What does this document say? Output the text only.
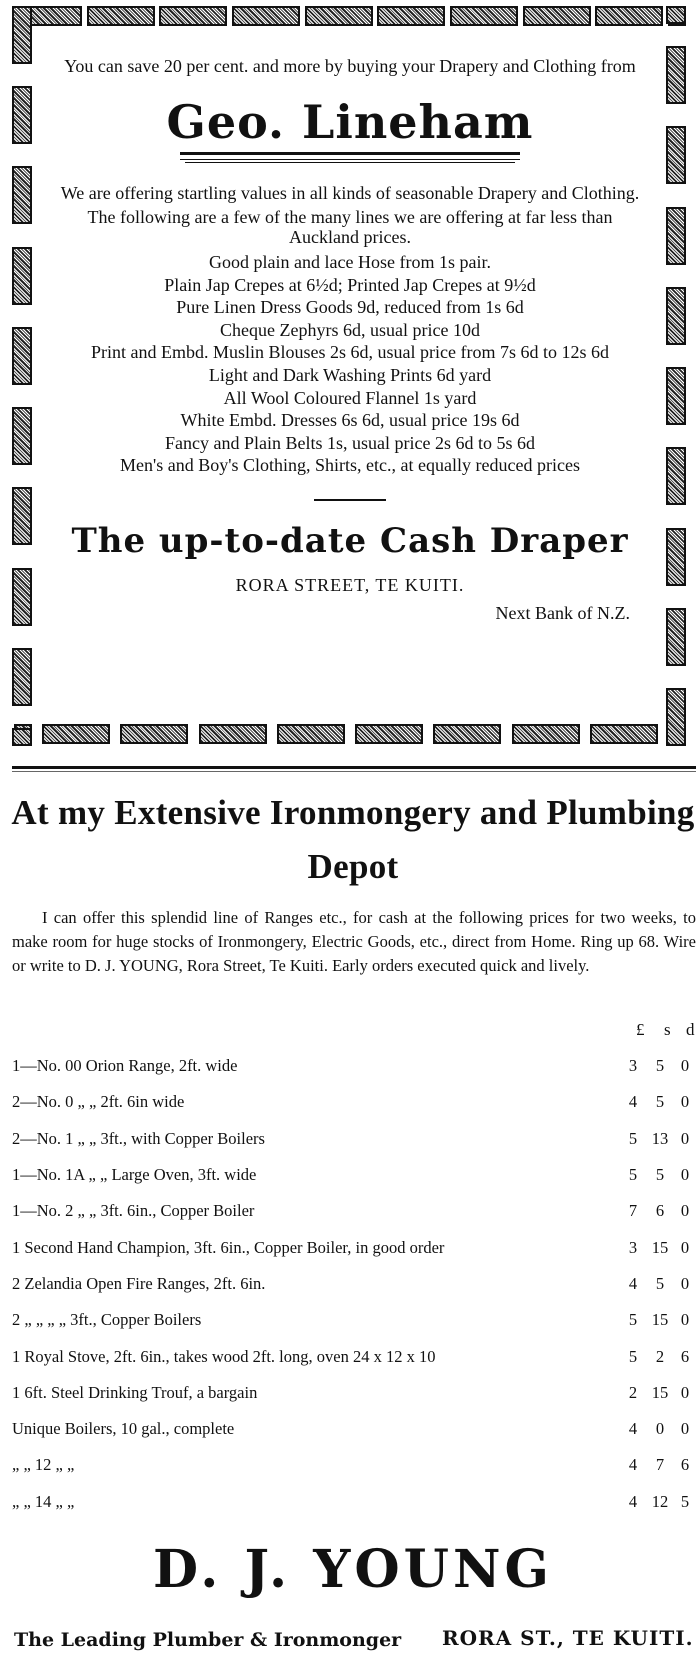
You can save 20 per cent. and more by buying your Drapery and Clothing from

Geo. Lineham

We are offering startling values in all kinds of seasonable Drapery and Clothing.

The following are a few of the many lines we are offering at far less than Auckland prices.

Good plain and lace Hose from 1s pair.
Plain Jap Crepes at 6½d; Printed Jap Crepes at 9½d
Pure Linen Dress Goods 9d, reduced from 1s 6d
Cheque Zephyrs 6d, usual price 10d
Print and Embd. Muslin Blouses 2s 6d, usual price from 7s 6d to 12s 6d
Light and Dark Washing Prints 6d yard
All Wool Coloured Flannel 1s yard
White Embd. Dresses 6s 6d, usual price 19s 6d
Fancy and Plain Belts 1s, usual price 2s 6d to 5s 6d
Men's and Boy's Clothing, Shirts, etc., at equally reduced prices
The up-to-date Cash Draper

RORA STREET, TE KUITI.

Next Bank of N.Z.

At my Extensive Ironmongery and Plumbing
Depot

I can offer this splendid line of Ranges etc., for cash at the following prices for two weeks, to make room for huge stocks of Ironmongery, Electric Goods, etc., direct from Home. Ring up 68. Wire or write to D. J. YOUNG, Rora Street, Te Kuiti. Early orders executed quick and lively.

£ s d
1—No. 00 Orion Range, 2ft. wide		3	5	0
2—No. 0 „ „ 2ft. 6in wide		4	5	0
2—No. 1 „ „ 3ft., with Copper Boilers		5	13	0
1—No. 1A „ „ Large Oven, 3ft. wide		5	5	0
1—No. 2 „ „ 3ft. 6in., Copper Boiler		7	6	0
1 Second Hand Champion, 3ft. 6in., Copper Boiler, in good order		3	15	0
2 Zelandia Open Fire Ranges, 2ft. 6in.		4	5	0
2 „ „ „ „ 3ft., Copper Boilers		5	15	0
1 Royal Stove, 2ft. 6in., takes wood 2ft. long, oven 24 x 12 x 10		5	2	6
1 6ft. Steel Drinking Trouf, a bargain		2	15	0
Unique Boilers, 10 gal., complete		4	0	0
„ „ 12 „ „		4	7	6
„ „ 14 „ „		4	12	5
D. J. YOUNG

The Leading Plumber & Ironmonger RORA ST., TE KUITI.
